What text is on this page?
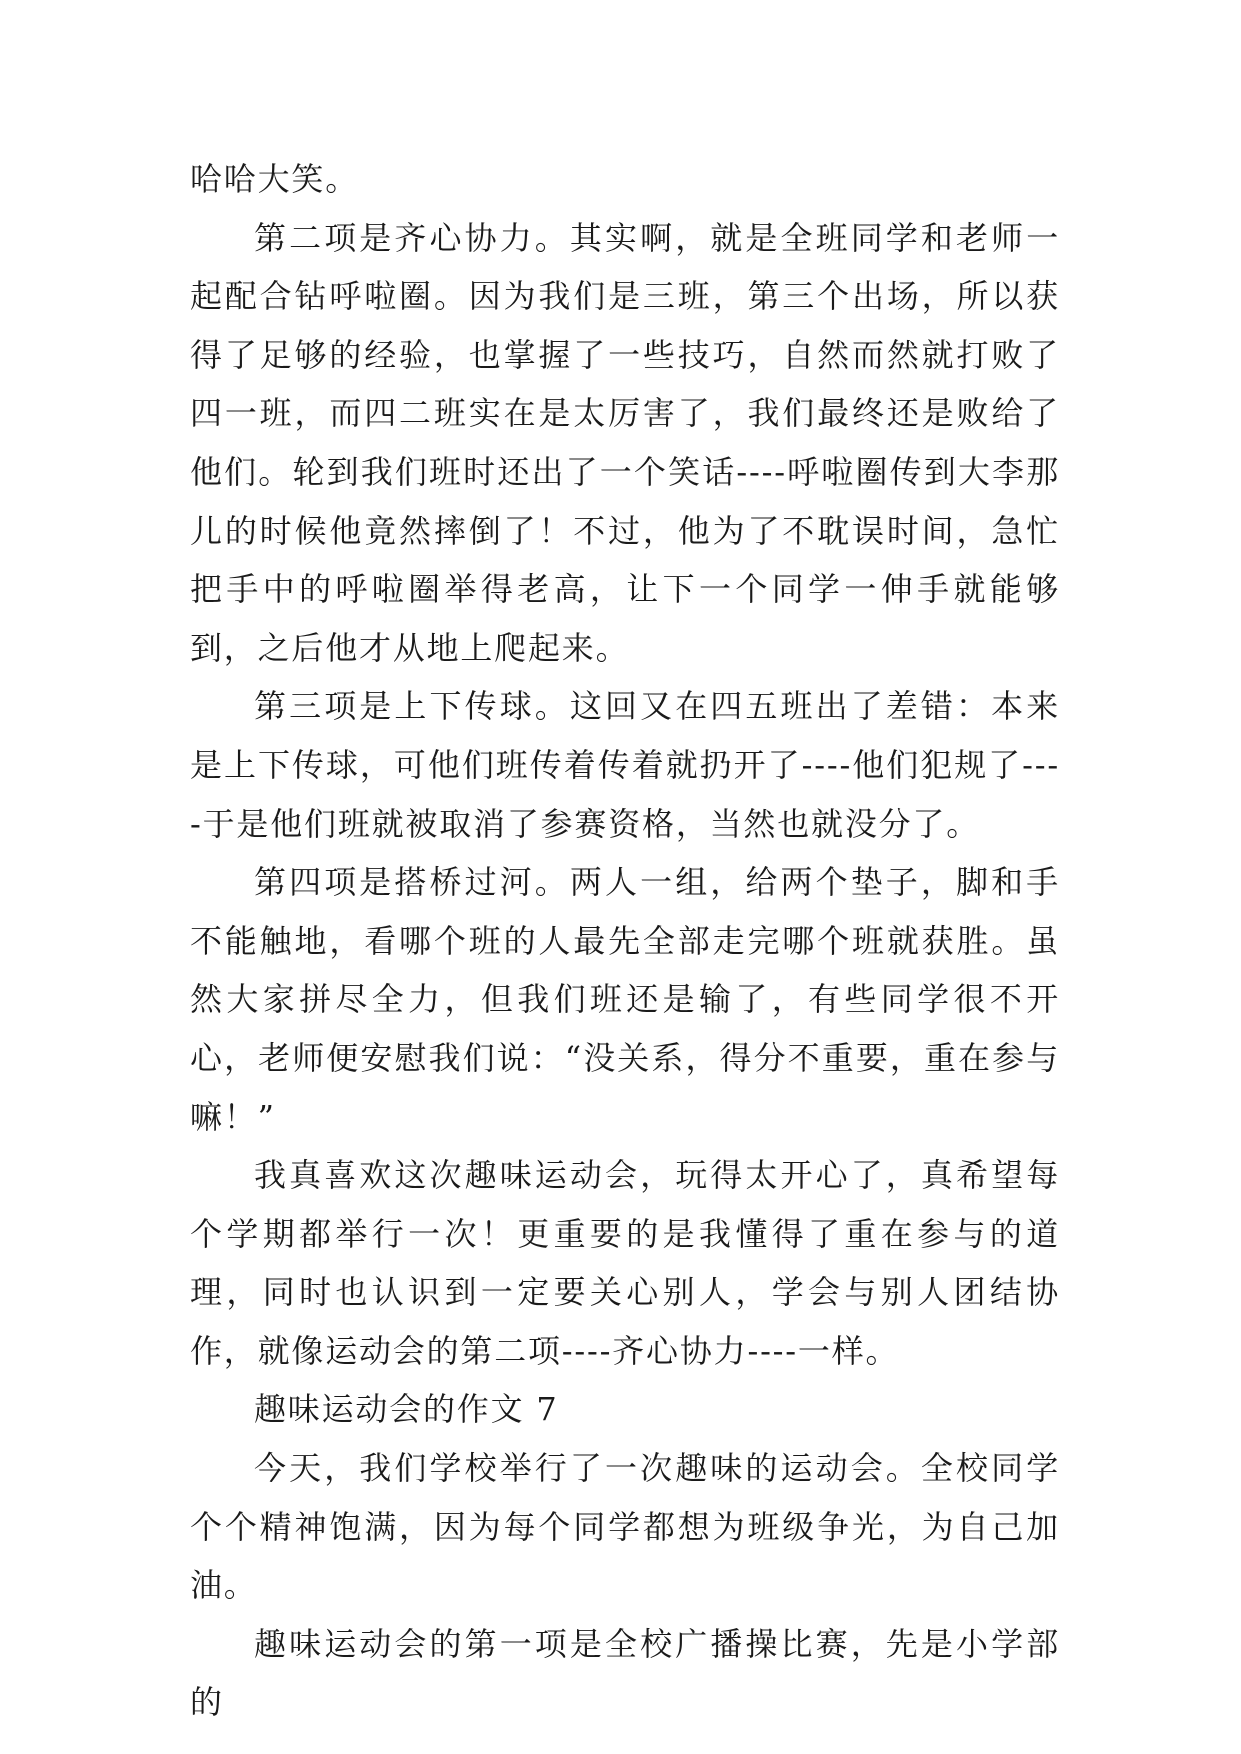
哈哈大笑。

第二项是齐心协力。其实啊，就是全班同学和老师一起配合钻呼啦圈。因为我们是三班，第三个出场，所以获得了足够的经验，也掌握了一些技巧，自然而然就打败了四一班，而四二班实在是太厉害了，我们最终还是败给了他们。轮到我们班时还出了一个笑话----呼啦圈传到大李那儿的时候他竟然摔倒了！不过，他为了不耽误时间，急忙把手中的呼啦圈举得老高，让下一个同学一伸手就能够到，之后他才从地上爬起来。

第三项是上下传球。这回又在四五班出了差错：本来是上下传球，可他们班传着传着就扔开了----他们犯规了----于是他们班就被取消了参赛资格，当然也就没分了。

第四项是搭桥过河。两人一组，给两个垫子，脚和手不能触地，看哪个班的人最先全部走完哪个班就获胜。虽然大家拼尽全力，但我们班还是输了，有些同学很不开心，老师便安慰我们说：“没关系，得分不重要，重在参与嘛！”

我真喜欢这次趣味运动会，玩得太开心了，真希望每个学期都举行一次！更重要的是我懂得了重在参与的道理，同时也认识到一定要关心别人，学会与别人团结协作，就像运动会的第二项----齐心协力----一样。

趣味运动会的作文 7

今天，我们学校举行了一次趣味的运动会。全校同学个个精神饱满，因为每个同学都想为班级争光，为自己加油。

趣味运动会的第一项是全校广播操比赛，先是小学部的
